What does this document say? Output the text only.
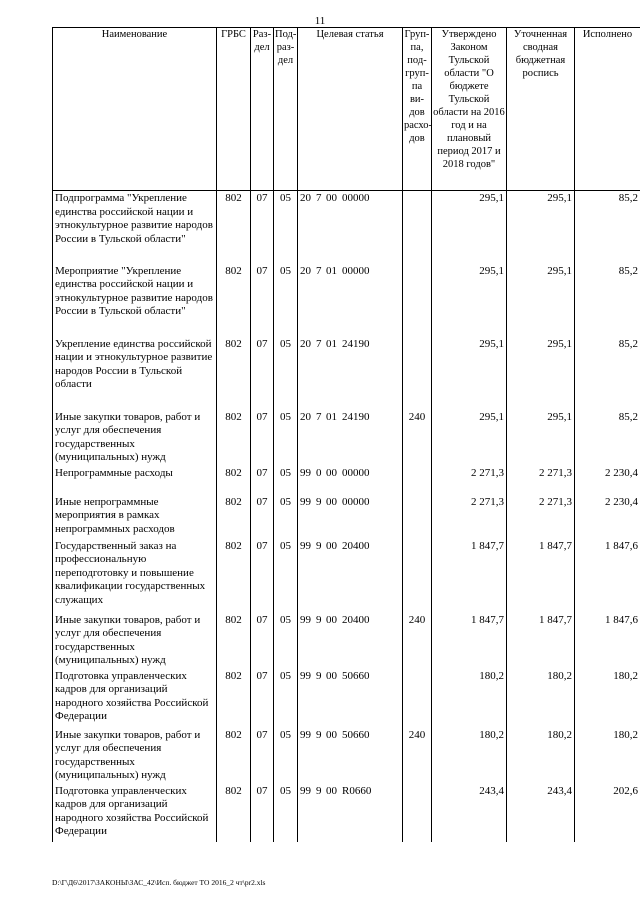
11
Наименование	ГРБС	Раз-дел	Под-раз-дел	Целевая статья	Груп-па, под-груп-па ви-дов расхо-дов	Утверждено Законом Тульской области "О бюджете Тульской области на 2016 год и на плановый период 2017 и 2018 годов"	Уточненная сводная бюджетная роспись	Исполнено
Подпрограмма "Укрепление единства российской нации и этнокультурное развитие народов России в Тульской области"	802	07	05	20 7 00 00000		295,1	295,1	85,2
Мероприятие "Укрепление единства российской нации и этнокультурное развитие народов России в Тульской области"	802	07	05	20 7 01 00000		295,1	295,1	85,2
Укрепление единства российской нации и этнокультурное развитие народов России в Тульской области	802	07	05	20 7 01 24190		295,1	295,1	85,2
Иные закупки товаров, работ и услуг для обеспечения государственных (муниципальных) нужд	802	07	05	20 7 01 24190	240	295,1	295,1	85,2
Непрограммные расходы	802	07	05	99 0 00 00000		2 271,3	2 271,3	2 230,4
Иные непрограммные мероприятия в рамках непрограммных расходов	802	07	05	99 9 00 00000		2 271,3	2 271,3	2 230,4
Государственный заказ на профессиональную переподготовку и повышение квалификации государственных служащих	802	07	05	99 9 00 20400		1 847,7	1 847,7	1 847,6
Иные закупки товаров, работ и услуг для обеспечения государственных (муниципальных) нужд	802	07	05	99 9 00 20400	240	1 847,7	1 847,7	1 847,6
Подготовка управленческих кадров для организаций народного хозяйства Российской Федерации	802	07	05	99 9 00 50660		180,2	180,2	180,2
Иные закупки товаров, работ и услуг для обеспечения государственных (муниципальных) нужд	802	07	05	99 9 00 50660	240	180,2	180,2	180,2
Подготовка управленческих кадров для организаций народного хозяйства Российской Федерации	802	07	05	99 9 00 R0660		243,4	243,4	202,6
D:\Г\Д6\2017\ЗАКОНЫ\ЗАС_42\Исп. бюджет ТО 2016_2 чт\pr2.xls
